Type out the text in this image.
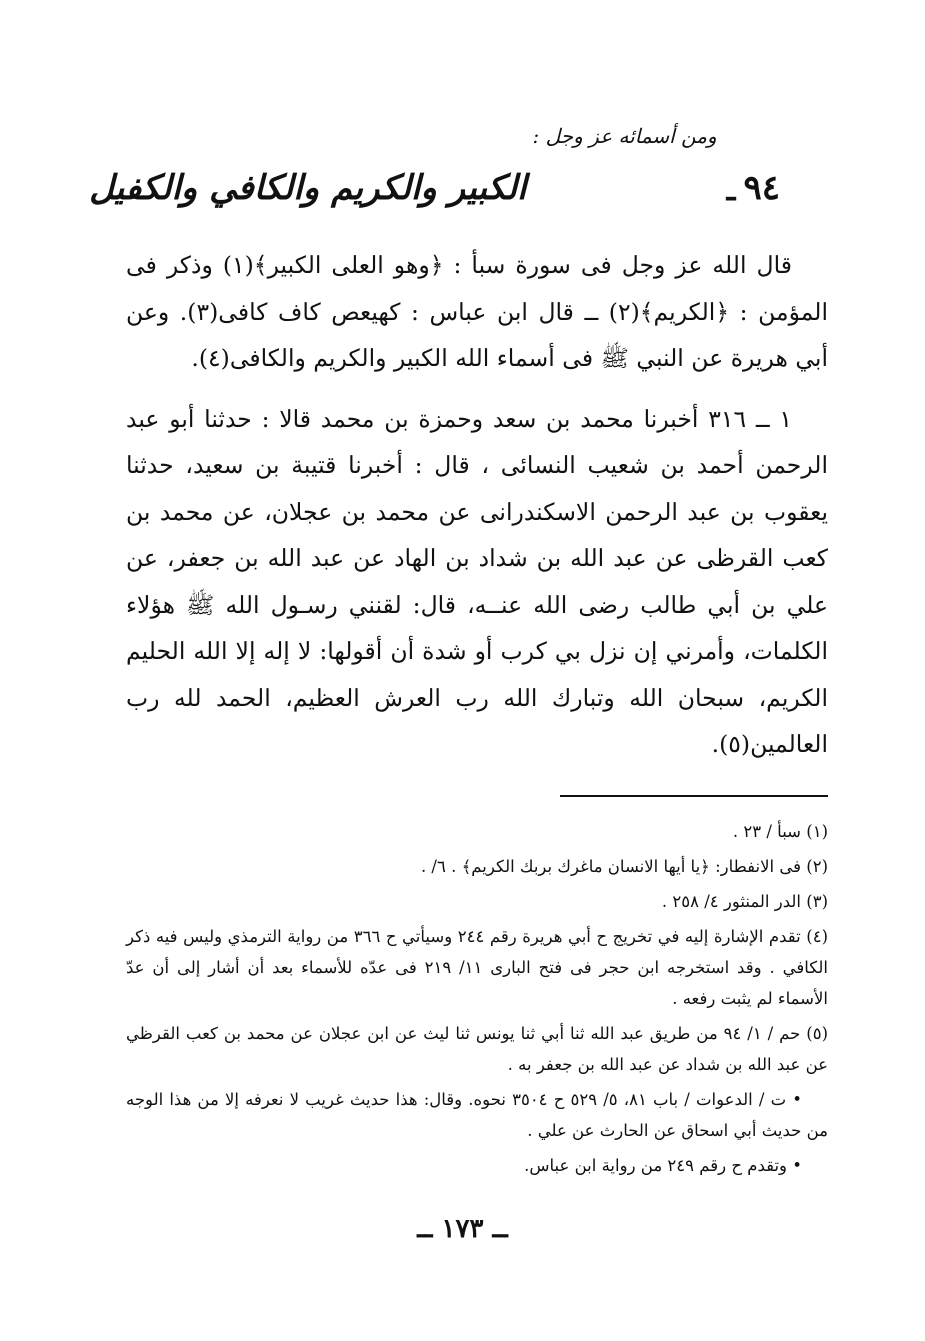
٩٤
ـ
ومن أسمائه عز وجل :
الكبير والكريم والكافي والكفيل

قال الله عز وجل فى سورة سبأ : ﴿وهو العلى الكبير﴾(١) وذكر فى المؤمن : ﴿الكريم﴾(٢) ــ قال ابن عباس : كهيعص كاف كافى(٣). وعن أبي هريرة عن النبي ﷺ فى أسماء الله الكبير والكريم والكافى(٤).

١ ــ ٣١٦ أخبرنا محمد بن سعد وحمزة بن محمد قالا : حدثنا أبو عبد الرحمن أحمد بن شعيب النسائى ، قال : أخبرنا قتيبة بن سعيد، حدثنا يعقوب بن عبد الرحمن الاسكندرانى عن محمد بن عجلان، عن محمد بن كعب القرظى عن عبد الله بن شداد بن الهاد عن عبد الله بن جعفر، عن علي بن أبي طالب رضى الله عنــه، قال: لقنني رسـول الله ﷺ هؤلاء الكلمات، وأمرني إن نزل بي كرب أو شدة أن أقولها: لا إله إلا الله الحليم الكريم، سبحان الله وتبارك الله رب العرش العظيم، الحمد لله رب العالمين(٥).

(١) سبأ / ٢٣ .

(٢) فى الانفطار: ﴿يا أيها الانسان ماغرك بربك الكريم﴾ . ٦/ .

(٣) الدر المنثور ٤/ ٢٥٨ .

(٤) تقدم الإشارة إليه في تخريج ح أبي هريرة رقم ٢٤٤ وسيأتي ح ٣٦٦ من رواية الترمذي وليس فيه ذكر الكافي . وقد استخرجه ابن حجر فى فتح البارى ١١/ ٢١٩ فى عدّه للأسماء بعد أن أشار إلى أن عدّ الأسماء لم يثبت رفعه .

(٥) حم / ١/ ٩٤ من طريق عبد الله ثنا أبي ثنا يونس ثنا ليث عن ابن عجلان عن محمد بن كعب القرظي عن عبد الله بن شداد عن عبد الله بن جعفر به .

• ت / الدعوات / باب ٨١، ٥/ ٥٢٩ ح ٣٥٠٤ نحوه. وقال: هذا حديث غريب لا نعرفه إلا من هذا الوجه من حديث أبي اسحاق عن الحارث عن علي .

• وتقدم ح رقم ٢٤٩ من رواية ابن عباس.

ــ ١٧٣ ــ
